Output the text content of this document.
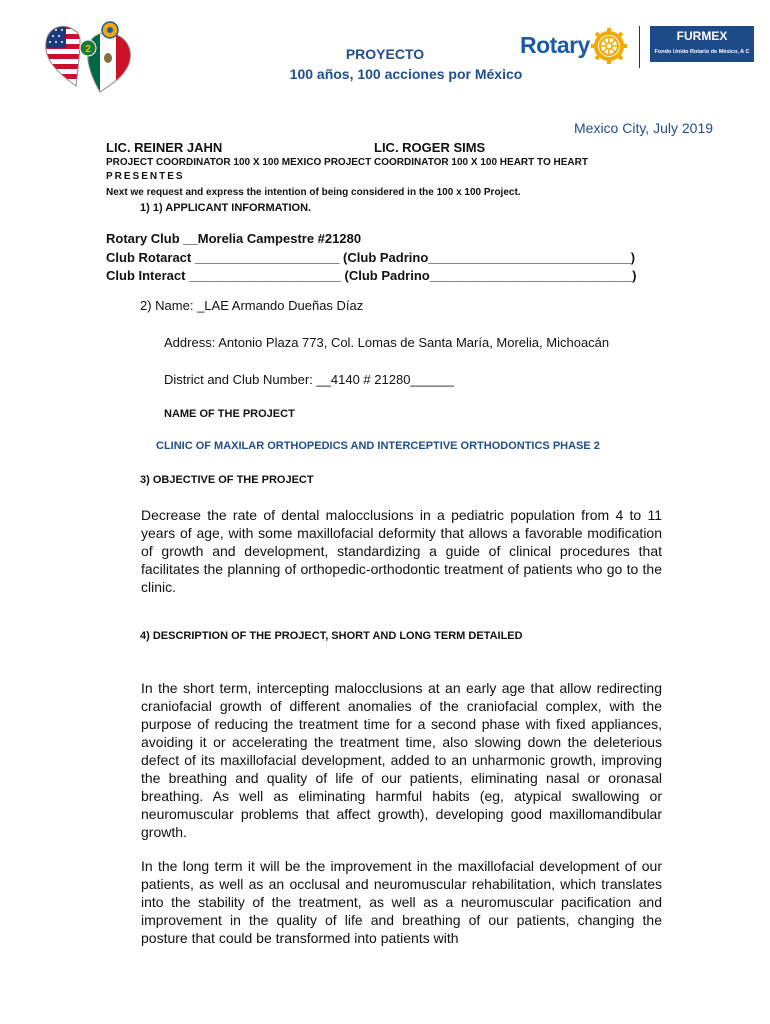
2	PROYECTO
100 años, 100 acciones por México
Rotary	FURMEX
Fondo Unido Rotario de México, A C
Mexico City, July 2019
LIC. REINER JAHN	LIC. ROGER SIMS
PROJECT COORDINATOR 100 X 100 MEXICO PROJECT COORDINATOR 100 X 100 HEART TO HEART
PRESENTES
Next we request and express the intention of being considered in the 100 x 100 Project.
1) 1) APPLICANT INFORMATION.
Rotary Club __Morelia Campestre #21280
Club Rotaract ____________________ (Club Padrino____________________________)
Club Interact _____________________ (Club Padrino____________________________)
2) Name: _LAE Armando Dueñas Díaz
Address: Antonio Plaza 773, Col. Lomas de Santa María, Morelia, Michoacán
District and Club Number: __4140 # 21280______
NAME OF THE PROJECT
CLINIC OF MAXILAR ORTHOPEDICS AND INTERCEPTIVE ORTHODONTICS PHASE 2
3) OBJECTIVE OF THE PROJECT
Decrease the rate of dental malocclusions in a pediatric population from 4 to 11 years of age, with some maxillofacial deformity that allows a favorable modification of growth and development, standardizing a guide of clinical procedures that facilitates the planning of orthopedic-orthodontic treatment of patients who go to the clinic.
4) DESCRIPTION OF THE PROJECT, SHORT AND LONG TERM DETAILED
In the short term, intercepting malocclusions at an early age that allow redirecting craniofacial growth of different anomalies of the craniofacial complex, with the purpose of reducing the treatment time for a second phase with fixed appliances, avoiding it or accelerating the treatment time, also slowing down the deleterious defect of its maxillofacial development, added to an unharmonic growth, improving the breathing and quality of life of our patients, eliminating nasal or oronasal breathing. As well as eliminating harmful habits (eg, atypical swallowing or neuromuscular problems that affect growth), developing good maxillomandibular growth.
In the long term it will be the improvement in the maxillofacial development of our patients, as well as an occlusal and neuromuscular rehabilitation, which translates into the stability of the treatment, as well as a neuromuscular pacification and improvement in the quality of life and breathing of our patients, changing the posture that could be transformed into patients with
